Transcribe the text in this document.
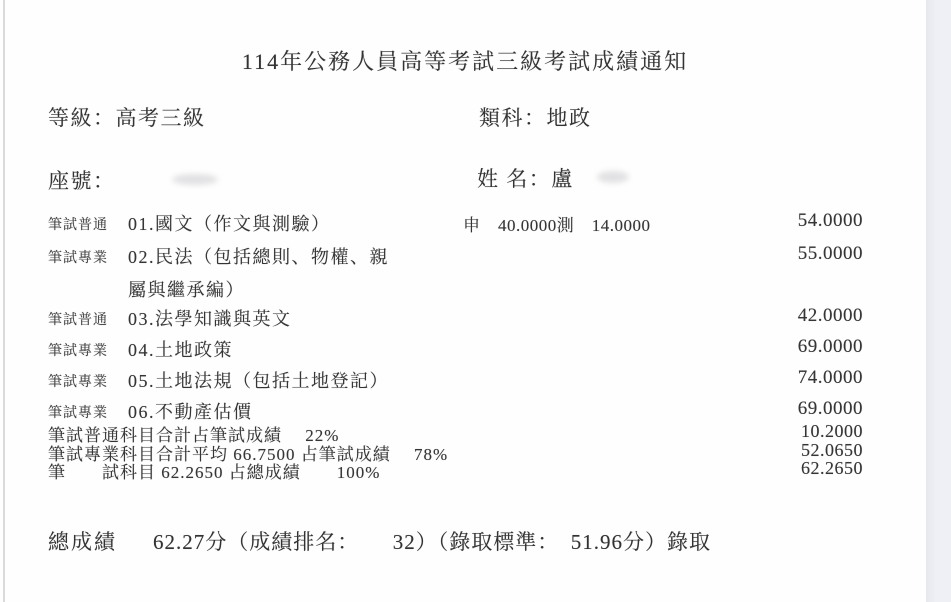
114年公務人員高等考試三級考試成績通知
等級：高考三級	類科：地政
座號：	姓 名：盧
筆試普通 01.國文（作文與測驗）	申　40.0000測　14.0000	54.0000
筆試專業 02.民法（包括總則、物權、親
屬與繼承編）
55.0000
筆試普通 03.法學知識與英文	42.0000
筆試專業 04.土地政策	69.0000
筆試專業 05.土地法規（包括土地登記）	74.0000
筆試專業 06.不動產估價	69.0000
筆試普通科目合計占筆試成績　 22%	10.2000
筆試專業科目合計平均 66.7500 占筆試成績　 78%	52.0650
筆　　試科目 62.2650 占總成績　　100%	62.2650
總成績 62.27分（成績排名：　　32）（錄取標準：　51.96分）錄取
